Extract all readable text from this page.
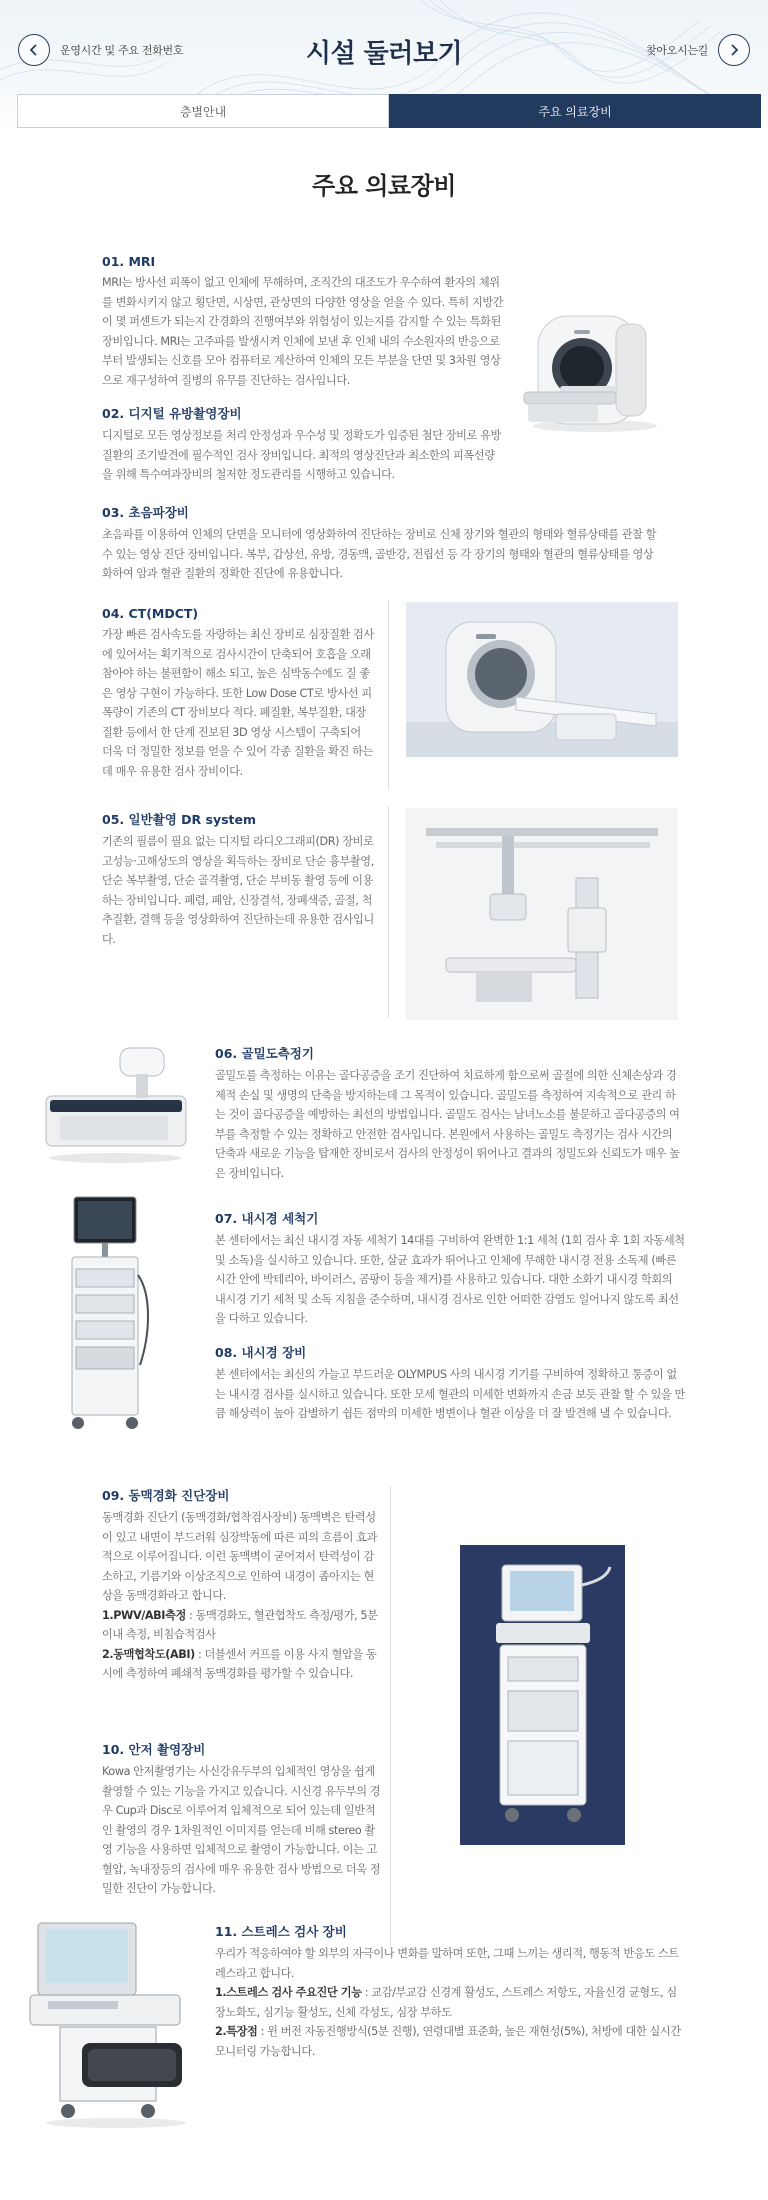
운영시간 및 주요 전화번호	시설 둘러보기	찾아오시는길
층별안내	주요 의료장비
주요 의료장비
01. MRI
MRI는 방사선 피폭이 없고 인체에 무해하며, 조직간의 대조도가 우수하여 환자의 체위를 변화시키지 않고 횡단면, 시상면, 관상면의 다양한 영상을 얻을 수 있다. 특히 지방간이 몇 퍼센트가 되는지 간경화의 진행여부와 위험성이 있는지를 감지할 수 있는 특화된 장비입니다. MRI는 고주파를 발생시켜 인체에 보낸 후 인체 내의 수소원자의 반응으로부터 발생되는 신호를 모아 컴퓨터로 계산하여 인체의 모든 부분을 단면 및 3차원 영상으로 재구성하여 질병의 유무를 진단하는 검사입니다.
02. 디지털 유방촬영장비
디지털로 모든 영상정보를 처리 안정성과 우수성 및 정확도가 입증된 첨단 장비로 유방질환의 조기발견에 필수적인 검사 장비입니다. 최적의 영상진단과 최소한의 피폭선량을 위해 특수여과장비의 철저한 정도관리를 시행하고 있습니다.
03. 초음파장비
초음파를 이용하여 인체의 단면을 모니터에 영상화하여 진단하는 장비로 신체 장기와 혈관의 형태와 혈류상태를 관찰 할 수 있는 영상 진단 장비입니다. 복부, 갑상선, 유방, 경동맥, 골반강, 전립선 등 각 장기의 형태와 혈관의 혈류상태를 영상화하여 암과 혈관 질환의 정확한 진단에 유용합니다.
04. CT(MDCT)
가장 빠른 검사속도를 자랑하는 최신 장비로 심장질환 검사에 있어서는 획기적으로 검사시간이 단축되어 호흡을 오래 참아야 하는 불편함이 해소 되고, 높은 심박동수에도 질 좋은 영상 구현이 가능하다. 또한 Low Dose CT로 방사선 피폭량이 기존의 CT 장비보다 적다. 폐질환, 복부질환, 대장질환 등에서 한 단계 진보된 3D 영상 시스템이 구축되어 더욱 더 정밀한 정보를 얻을 수 있어 각종 질환을 확진 하는데 매우 유용한 검사 장비이다.
05. 일반촬영 DR system
기존의 필름이 필요 없는 디지털 라디오그래피(DR) 장비로 고성능·고해상도의 영상을 획득하는 장비로 단순 흉부촬영, 단순 복부촬영, 단순 골격촬영, 단순 부비동 촬영 등에 이용하는 장비입니다. 폐렴, 폐암, 신장결석, 장폐색증, 골절, 척추질환, 결핵 등을 영상화하여 진단하는데 유용한 검사입니다.
06. 골밀도측정기
골밀도를 측정하는 이유는 골다공증을 조기 진단하여 치료하게 함으로써 골절에 의한 신체손상과 경제적 손실 및 생명의 단축을 방지하는데 그 목적이 있습니다. 골밀도를 측정하여 지속적으로 관리 하는 것이 골다공증을 예방하는 최선의 방법입니다. 골밀도 검사는 남녀노소를 불문하고 골다공증의 여부를 측정할 수 있는 정확하고 안전한 검사입니다. 본원에서 사용하는 골밀도 측정기는 검사 시간의 단축과 새로운 기능을 탑재한 장비로서 검사의 안정성이 뛰어나고 결과의 정밀도와 신뢰도가 매우 높은 장비입니다.
07. 내시경 세척기
본 센터에서는 최신 내시경 자동 세척기 14대를 구비하여 완벽한 1:1 세척 (1회 검사 후 1회 자동세척 및 소독)을 실시하고 있습니다. 또한, 살균 효과가 뛰어나고 인체에 무해한 내시경 전용 소독제 (빠른 시간 안에 박테리아, 바이러스, 곰팡이 등을 제거)를 사용하고 있습니다. 대한 소화기 내시경 학회의 내시경 기기 세척 및 소독 지침을 준수하며, 내시경 검사로 인한 어떠한 감염도 일어나지 않도록 최선을 다하고 있습니다.
08. 내시경 장비
본 센터에서는 최신의 가늘고 부드러운 OLYMPUS 사의 내시경 기기를 구비하여 정확하고 통증이 없는 내시경 검사를 실시하고 있습니다. 또한 모세 혈관의 미세한 변화까지 손금 보듯 관찰 할 수 있을 만큼 해상력이 높아 감별하기 쉽든 점막의 미세한 병변이나 혈관 이상을 더 잘 발견해 낼 수 있습니다.
09. 동맥경화 진단장비
동맥경화 진단기 (동맥경화/협착검사장비) 동맥벽은 탄력성이 있고 내면이 부드러워 심장박동에 따른 피의 흐름이 효과적으로 이루어집니다. 이런 동맥벽이 굳어져서 탄력성이 감소하고, 기름기와 이상조직으로 인하여 내경이 좁아지는 현상을 동맥경화라고 합니다.
1.PWV/ABI측정 : 동맥경화도, 혈관협착도 측정/평가, 5분이내 측정, 비침습적검사
2.동맥협착도(ABI) : 더블센서 커프를 이용 사지 혈압을 동시에 측정하여 폐쇄적 동맥경화를 평가할 수 있습니다.
10. 안저 촬영장비
Kowa 안저촬영기는 사신강유두부의 입체적인 영상을 쉽게 촬영할 수 있는 기능을 가지고 있습니다. 시신경 유두부의 경우 Cup과 Disc로 이루어져 입체적으로 되어 있는데 일반적인 촬영의 경우 1차원적인 이미지를 얻는데 비해 stereo 촬영 기능을 사용하면 입체적으로 촬영이 가능합니다. 이는 고혈압, 녹내장등의 검사에 매우 유용한 검사 방법으로 더욱 정밀한 진단이 가능합니다.
11. 스트레스 검사 장비
우리가 적응하여야 할 외부의 자극이나 변화를 말하며 또한, 그때 느끼는 생리적, 행동적 반응도 스트레스라고 합니다.
1.스트레스 검사 주요진단 기능 : 교감/부교감 신경계 활성도, 스트레스 저항도, 자율신경 균형도, 심장노화도, 심기능 활성도, 신체 각성도, 심장 부하도
2.특장점 : 윈 버전 자동진행방식(5분 진행), 연령대별 표준화, 높은 재현성(5%), 처방에 대한 실시간 모니터링 가능합니다.
